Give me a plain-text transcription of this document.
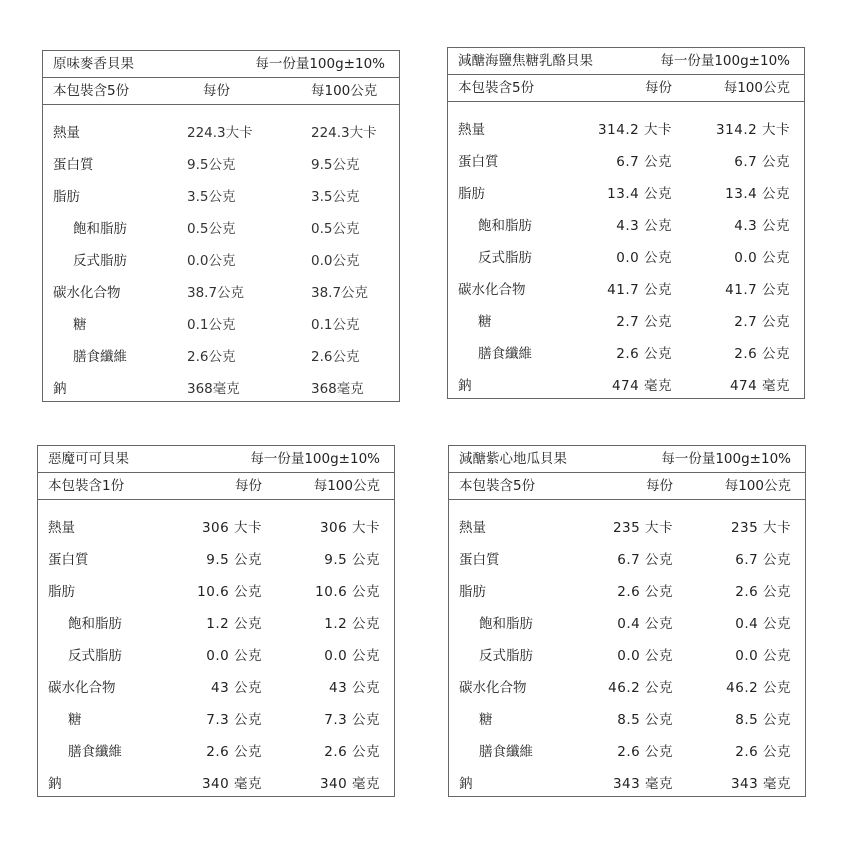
原味麥香貝果	每一份量100g±10%
本包裝含5份	每份	每100公克
熱量	224.3大卡	224.3大卡
蛋白質	9.5公克	9.5公克
脂肪	3.5公克	3.5公克
飽和脂肪	0.5公克	0.5公克
反式脂肪	0.0公克	0.0公克
碳水化合物	38.7公克	38.7公克
糖	0.1公克	0.1公克
膳食纖維	2.6公克	2.6公克
鈉	368毫克	368毫克
減醣海鹽焦糖乳酪貝果	每一份量100g±10%
本包裝含5份	每份	每100公克
熱量	314.2 大卡	314.2 大卡
蛋白質	6.7 公克	6.7 公克
脂肪	13.4 公克	13.4 公克
飽和脂肪	4.3 公克	4.3 公克
反式脂肪	0.0 公克	0.0 公克
碳水化合物	41.7 公克	41.7 公克
糖	2.7 公克	2.7 公克
膳食纖維	2.6 公克	2.6 公克
鈉	474 毫克	474 毫克
惡魔可可貝果	每一份量100g±10%
本包裝含1份	每份	每100公克
熱量	306 大卡	306 大卡
蛋白質	9.5 公克	9.5 公克
脂肪	10.6 公克	10.6 公克
飽和脂肪	1.2 公克	1.2 公克
反式脂肪	0.0 公克	0.0 公克
碳水化合物	43 公克	43 公克
糖	7.3 公克	7.3 公克
膳食纖維	2.6 公克	2.6 公克
鈉	340 毫克	340 毫克
減醣紫心地瓜貝果	每一份量100g±10%
本包裝含5份	每份	每100公克
熱量	235 大卡	235 大卡
蛋白質	6.7 公克	6.7 公克
脂肪	2.6 公克	2.6 公克
飽和脂肪	0.4 公克	0.4 公克
反式脂肪	0.0 公克	0.0 公克
碳水化合物	46.2 公克	46.2 公克
糖	8.5 公克	8.5 公克
膳食纖維	2.6 公克	2.6 公克
鈉	343 毫克	343 毫克
